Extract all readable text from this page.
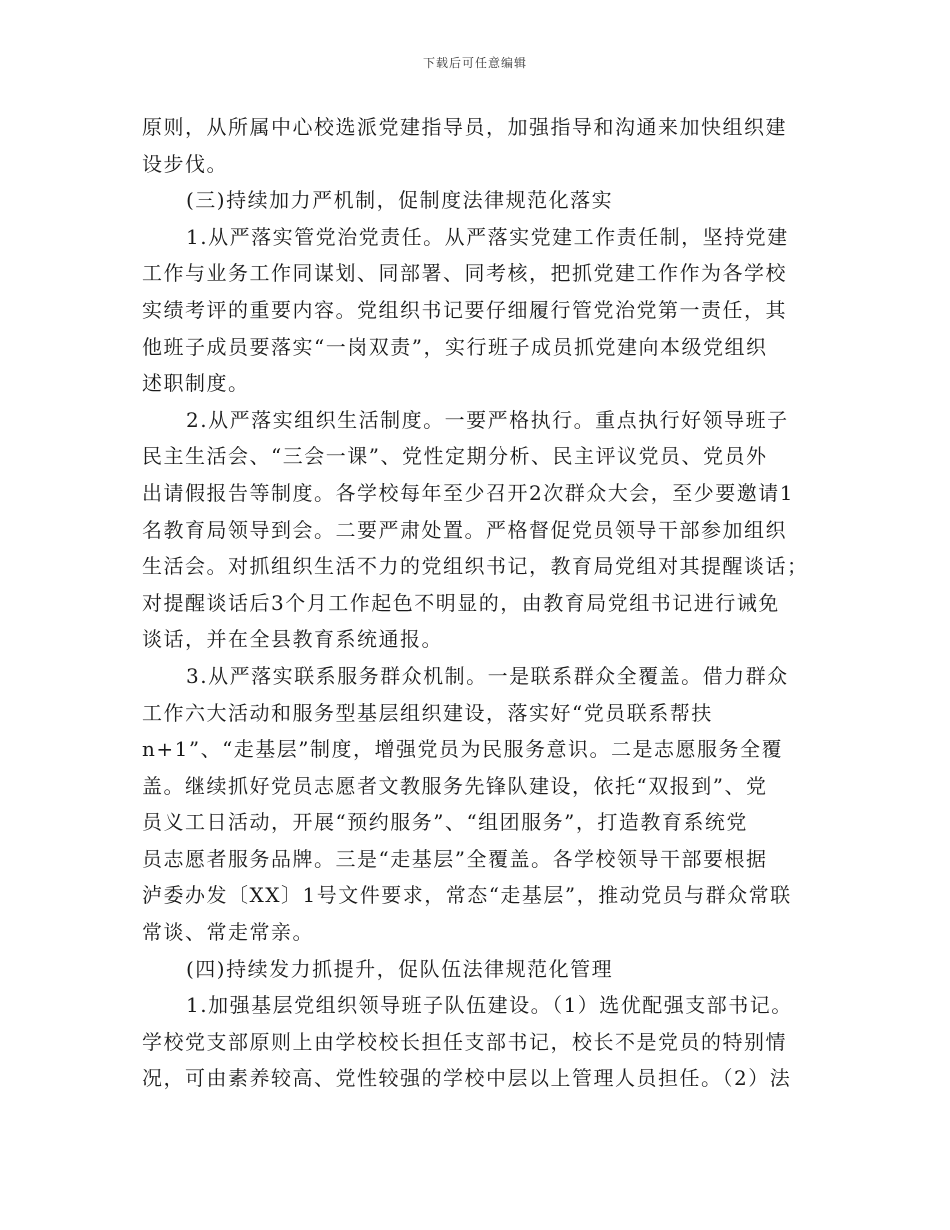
下载后可任意编辑
原则，从所属中心校选派党建指导员，加强指导和沟通来加快组织建
设步伐。
(三)持续加力严机制，促制度法律规范化落实
1.从严落实管党治党责任。从严落实党建工作责任制，坚持党建
工作与业务工作同谋划、同部署、同考核，把抓党建工作作为各学校
实绩考评的重要内容。党组织书记要仔细履行管党治党第一责任，其
他班子成员要落实“一岗双责”，实行班子成员抓党建向本级党组织
述职制度。
2.从严落实组织生活制度。一要严格执行。重点执行好领导班子
民主生活会、“三会一课”、党性定期分析、民主评议党员、党员外
出请假报告等制度。各学校每年至少召开2次群众大会，至少要邀请1
名教育局领导到会。二要严肃处置。严格督促党员领导干部参加组织
生活会。对抓组织生活不力的党组织书记，教育局党组对其提醒谈话；
对提醒谈话后3个月工作起色不明显的，由教育局党组书记进行诫免
谈话，并在全县教育系统通报。
3.从严落实联系服务群众机制。一是联系群众全覆盖。借力群众
工作六大活动和服务型基层组织建设，落实好“党员联系帮扶
n+1”、“走基层”制度，增强党员为民服务意识。二是志愿服务全覆
盖。继续抓好党员志愿者文教服务先锋队建设，依托“双报到”、党
员义工日活动，开展“预约服务”、“组团服务”，打造教育系统党
员志愿者服务品牌。三是“走基层”全覆盖。各学校领导干部要根据
泸委办发〔XX〕1号文件要求，常态“走基层”，推动党员与群众常联
常谈、常走常亲。
(四)持续发力抓提升，促队伍法律规范化管理
1.加强基层党组织领导班子队伍建设。（1）选优配强支部书记。
学校党支部原则上由学校校长担任支部书记，校长不是党员的特别情
况，可由素养较高、党性较强的学校中层以上管理人员担任。（2）法
